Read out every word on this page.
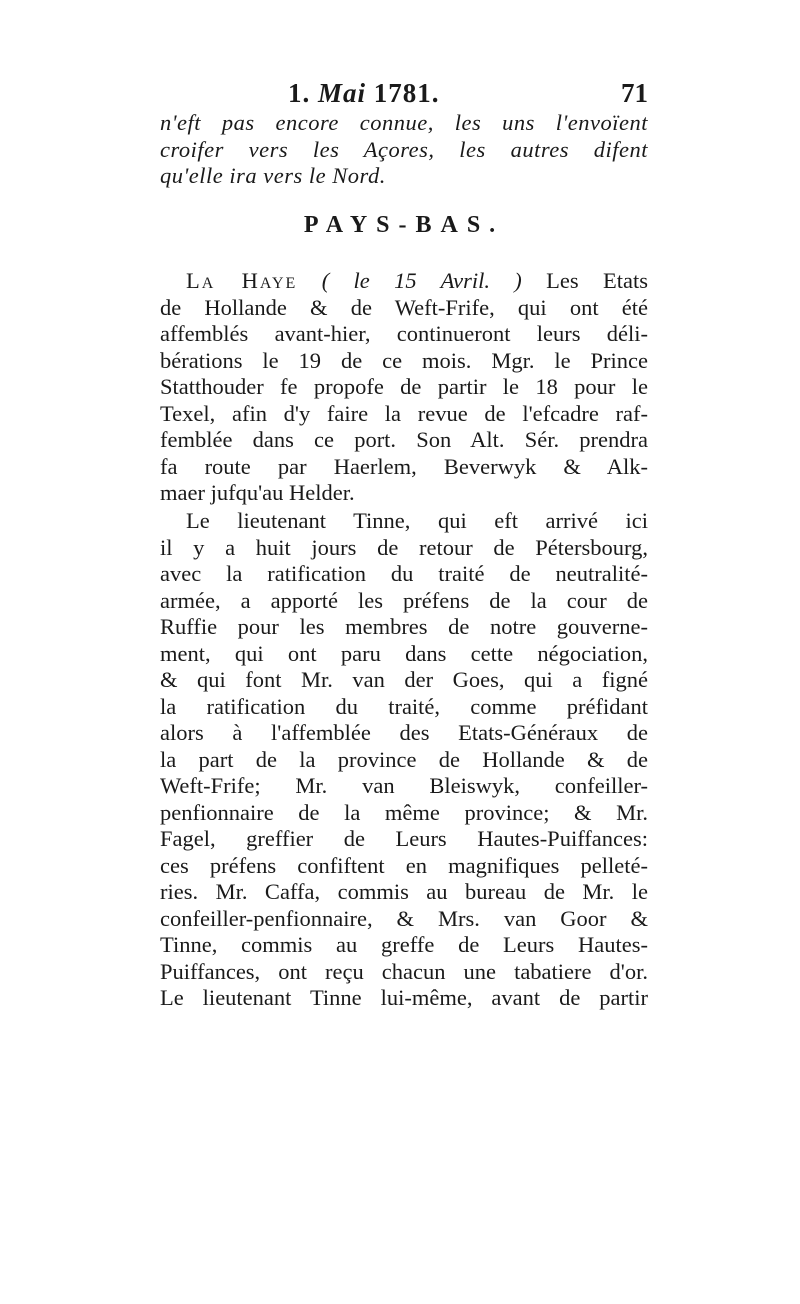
1. Mai 1781.	71
n'eft pas encore connue, les uns l'envoïent
croifer vers les Açores, les autres difent
qu'elle ira vers le Nord.
PAYS-BAS.
La Haye ( le 15 Avril. ) Les Etats
de Hollande & de Weft-Frife, qui ont été
affemblés avant-hier, continueront leurs déli-
bérations le 19 de ce mois. Mgr. le Prince
Statthouder fe propofe de partir le 18 pour le
Texel, afin d'y faire la revue de l'efcadre raf-
femblée dans ce port. Son Alt. Sér. prendra
fa route par Haerlem, Beverwyk & Alk-
maer jufqu'au Helder.
Le lieutenant Tinne, qui eft arrivé ici
il y a huit jours de retour de Pétersbourg,
avec la ratification du traité de neutralité-
armée, a apporté les préfens de la cour de
Ruffie pour les membres de notre gouverne-
ment, qui ont paru dans cette négociation,
& qui font Mr. van der Goes, qui a figné
la ratification du traité, comme préfidant
alors à l'affemblée des Etats-Généraux de
la part de la province de Hollande & de
Weft-Frife; Mr. van Bleiswyk, confeiller-
penfionnaire de la même province; & Mr.
Fagel, greffier de Leurs Hautes-Puiffances:
ces préfens confiftent en magnifiques pelleté-
ries. Mr. Caffa, commis au bureau de Mr. le
confeiller-penfionnaire, & Mrs. van Goor &
Tinne, commis au greffe de Leurs Hautes-
Puiffances, ont reçu chacun une tabatiere d'or.
Le lieutenant Tinne lui-même, avant de partir
